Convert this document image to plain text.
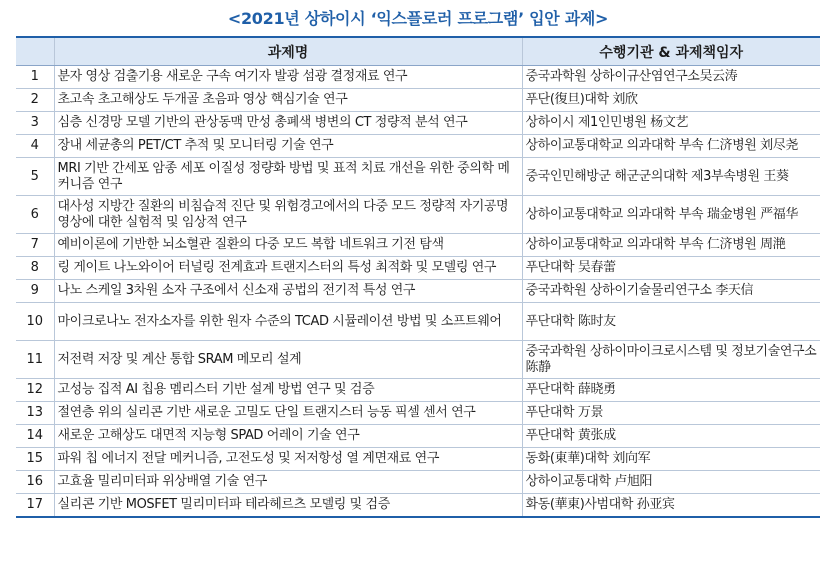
<2021년 상하이시 ‘익스플로러 프로그램’ 입안 과제>
	과제명	수행기관 & 과제책임자
1	분자 영상 검출기용 새로운 구속 여기자 발광 섬광 결정재료 연구	중국과학원 상하이규산염연구소吴云涛
2	초고속 초고해상도 두개골 초음파 영상 핵심기술 연구	푸단(復旦)대학 刘欣
3	심층 신경망 모델 기반의 관상동맥 만성 총폐색 병변의 CT 정량적 분석 연구	상하이시 제1인민병원 杨文艺
4	장내 세균총의 PET/CT 추적 및 모니터링 기술 연구	상하이교통대학교 의과대학 부속 仁济병원 刘尽尧
5	MRI 기반 간세포 암종 세포 이질성 정량화 방법 및 표적 치료 개선을 위한 중의학 메커니즘 연구	중국인민해방군 해군군의대학 제3부속병원 王葵
6	대사성 지방간 질환의 비침습적 진단 및 위험경고에서의 다중 모드 정량적 자기공명영상에 대한 실험적 및 임상적 연구	상하이교통대학교 의과대학 부속 瑞金병원 严福华
7	예비이론에 기반한 뇌소혈관 질환의 다중 모드 복합 네트워크 기전 탐색	상하이교통대학교 의과대학 부속 仁济병원 周滟
8	링 게이트 나노와이어 터널링 전계효과 트랜지스터의 특성 최적화 및 모델링 연구	푸단대학 吴春蕾
9	나노 스케일 3차원 소자 구조에서 신소재 공법의 전기적 특성 연구	중국과학원 상하이기술물리연구소 李天信
10	마이크로나노 전자소자를 위한 원자 수준의 TCAD 시뮬레이션 방법 및 소프트웨어	푸단대학 陈时友
11	저전력 저장 및 계산 통합 SRAM 메모리 설계	중국과학원 상하이마이크로시스템 및 정보기술연구소 陈静
12	고성능 집적 AI 칩용 멤리스터 기반 설계 방법 연구 및 검증	푸단대학 薛晓勇
13	절연층 위의 실리콘 기반 새로운 고밀도 단일 트랜지스터 능동 픽셀 센서 연구	푸단대학 万景
14	새로운 고해상도 대면적 지능형 SPAD 어레이 기술 연구	푸단대학 黄张成
15	파워 칩 에너지 전달 메커니즘, 고전도성 및 저저항성 열 계면재료 연구	동화(東華)대학 刘向军
16	고효율 밀리미터파 위상배열 기술 연구	상하이교통대학 卢旭阳
17	실리콘 기반 MOSFET 밀리미터파 테라헤르츠 모델링 및 검증	화동(華東)사범대학 孙亚宾
